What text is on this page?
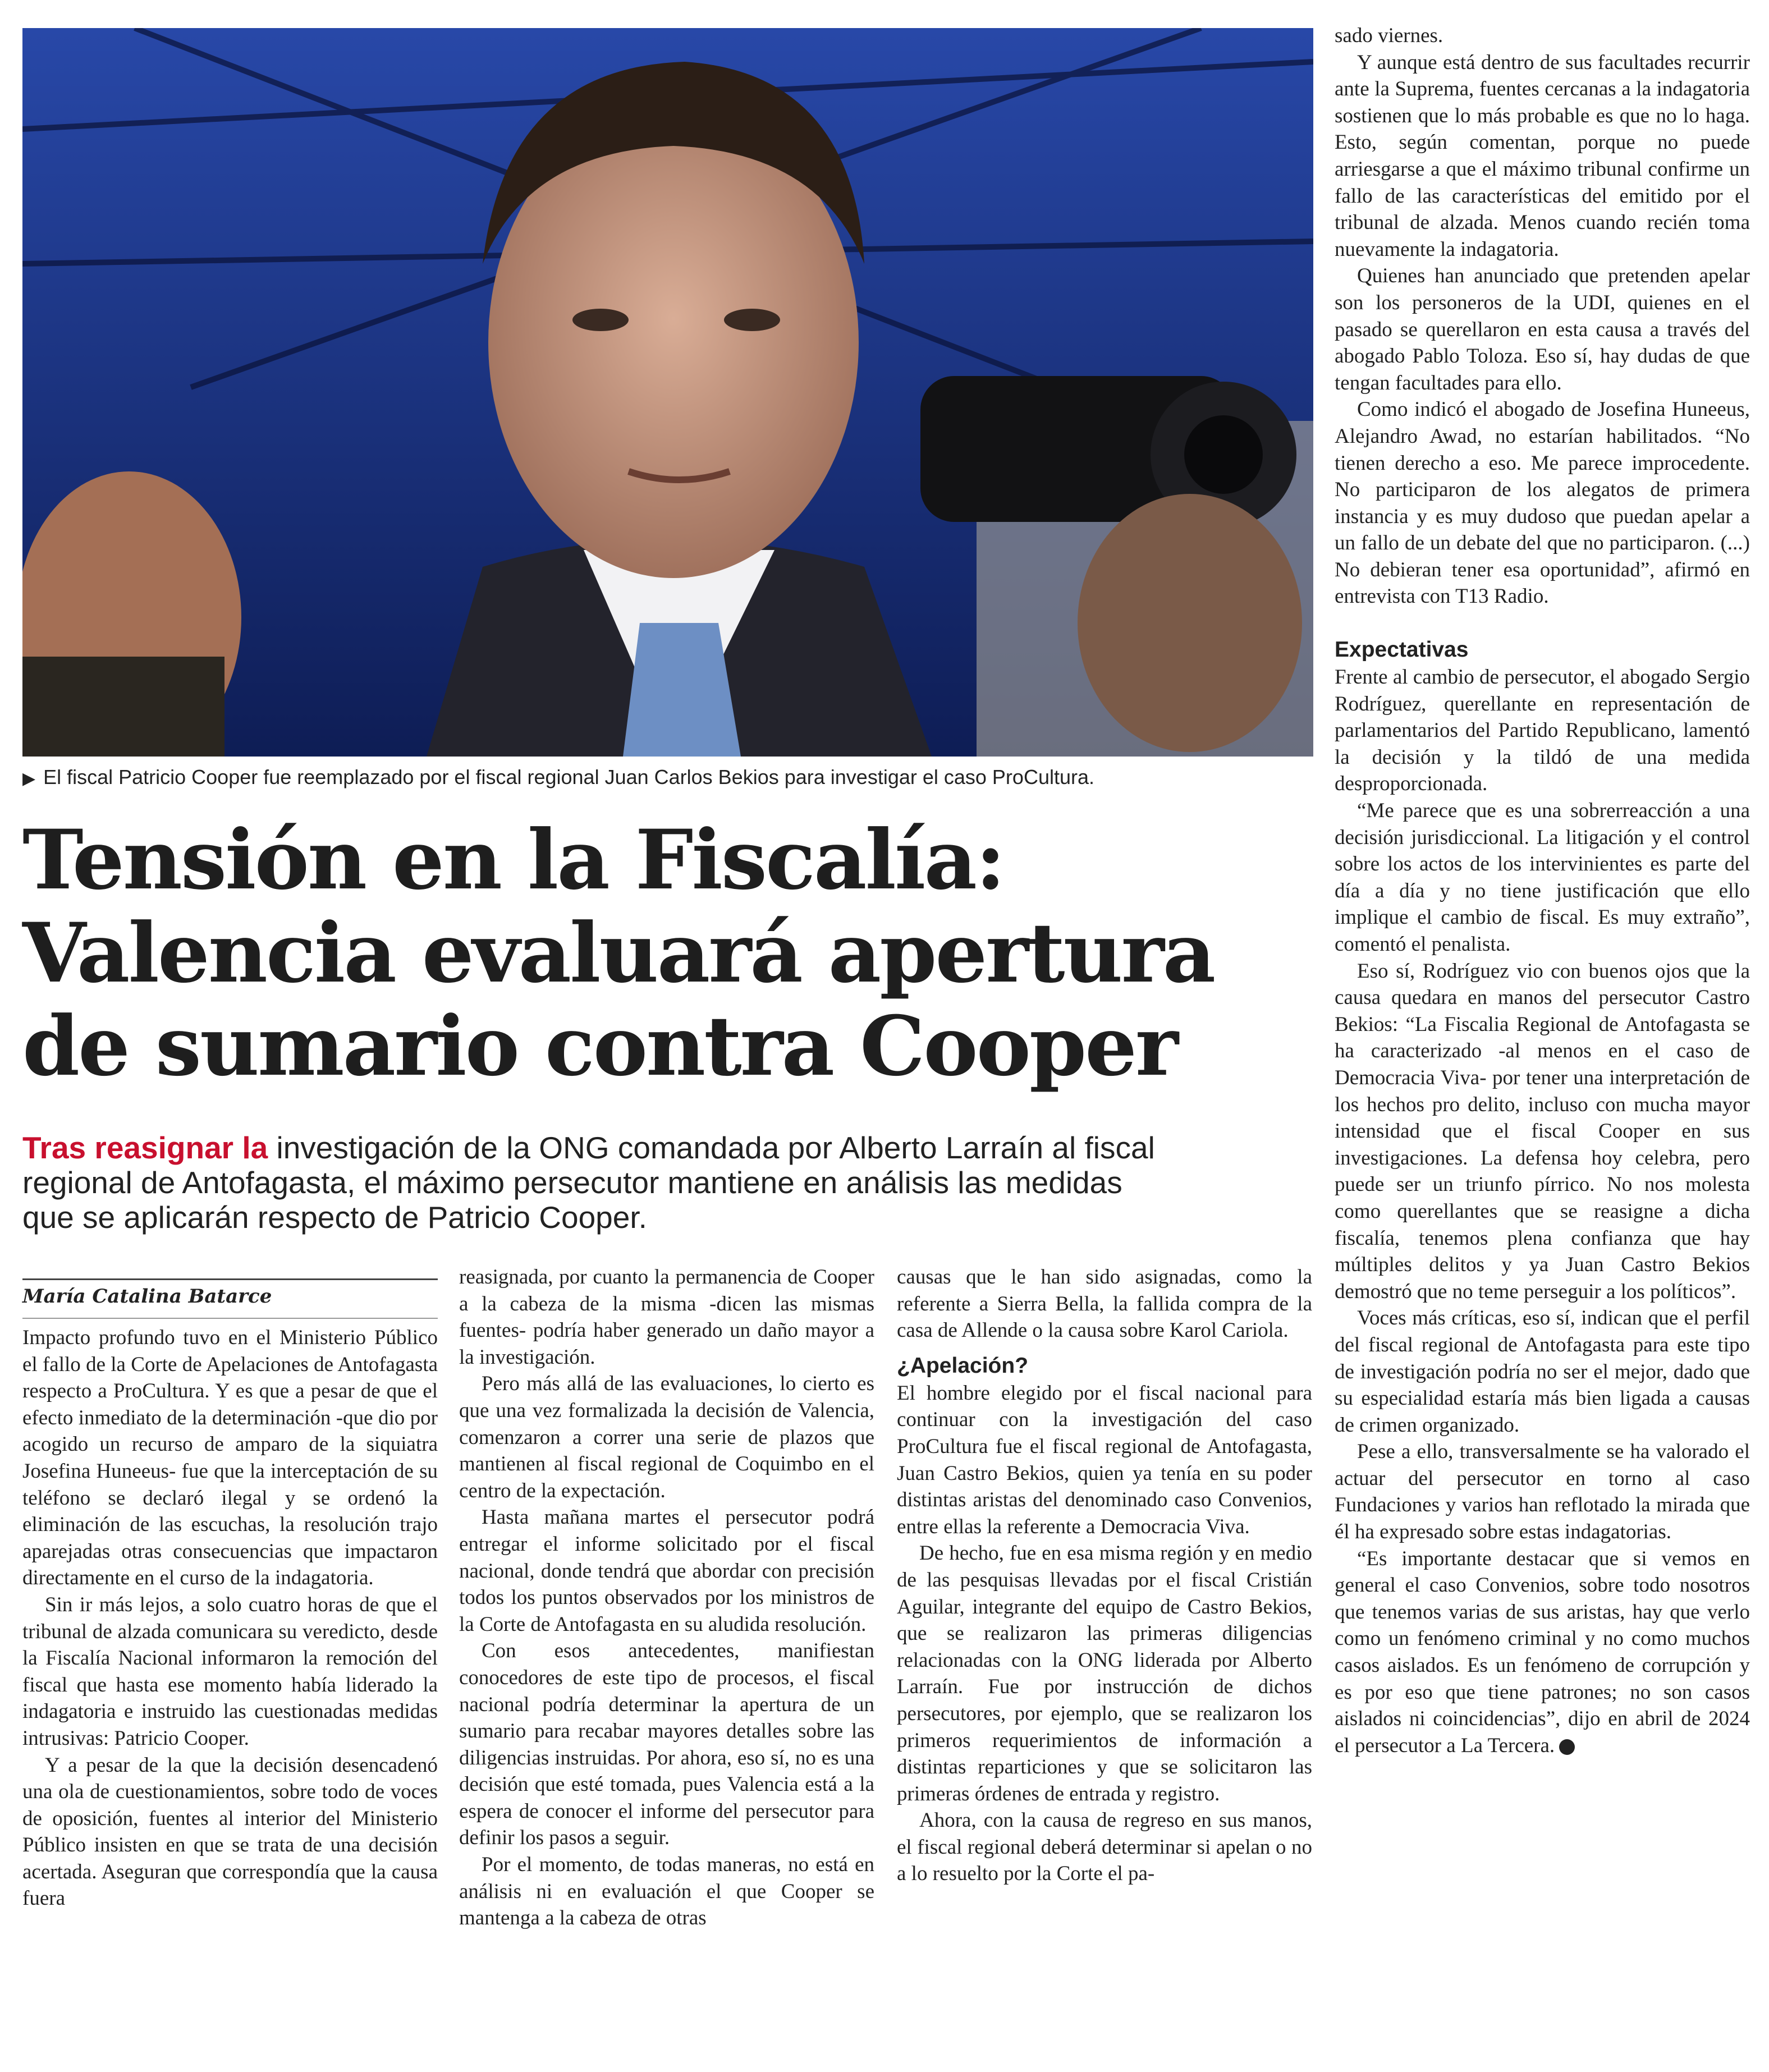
▶ El fiscal Patricio Cooper fue reemplazado por el fiscal regional Juan Carlos Bekios para investigar el caso ProCultura.
Tensión en la Fiscalía:
Valencia evaluará apertura
de sumario contra Cooper
Tras reasignar la investigación de la ONG comandada por Alberto Larraín al fiscal
regional de Antofagasta, el máximo persecutor mantiene en análisis las medidas
que se aplicarán respecto de Patricio Cooper.
María Catalina Batarce

Impacto profundo tuvo en el Ministerio Público el fallo de la Corte de Apelaciones de Antofagasta respecto a ProCultura. Y es que a pesar de que el efecto inmediato de la determinación -que dio por acogido un recurso de amparo de la siquiatra Josefina Huneeus- fue que la interceptación de su teléfono se declaró ilegal y se ordenó la eliminación de las escuchas, la resolución trajo aparejadas otras consecuencias que impactaron directamente en el curso de la indagatoria.

Sin ir más lejos, a solo cuatro horas de que el tribunal de alzada comunicara su veredicto, desde la Fiscalía Nacional informaron la remoción del fiscal que hasta ese momento había liderado la indagatoria e instruido las cuestionadas medidas intrusivas: Patricio Cooper.

Y a pesar de la que la decisión desencadenó una ola de cuestionamientos, sobre todo de voces de oposición, fuentes al interior del Ministerio Público insisten en que se trata de una decisión acertada. Aseguran que correspondía que la causa fuera

reasignada, por cuanto la permanencia de Cooper a la cabeza de la misma -dicen las mismas fuentes- podría haber generado un daño mayor a la investigación.

Pero más allá de las evaluaciones, lo cierto es que una vez formalizada la decisión de Valencia, comenzaron a correr una serie de plazos que mantienen al fiscal regional de Coquimbo en el centro de la expectación.

Hasta mañana martes el persecutor podrá entregar el informe solicitado por el fiscal nacional, donde tendrá que abordar con precisión todos los puntos observados por los ministros de la Corte de Antofagasta en su aludida resolución.

Con esos antecedentes, manifiestan conocedores de este tipo de procesos, el fiscal nacional podría determinar la apertura de un sumario para recabar mayores detalles sobre las diligencias instruidas. Por ahora, eso sí, no es una decisión que esté tomada, pues Valencia está a la espera de conocer el informe del persecutor para definir los pasos a seguir.

Por el momento, de todas maneras, no está en análisis ni en evaluación el que Cooper se mantenga a la cabeza de otras

causas que le han sido asignadas, como la referente a Sierra Bella, la fallida compra de la casa de Allende o la causa sobre Karol Cariola.

¿Apelación?

El hombre elegido por el fiscal nacional para continuar con la investigación del caso ProCultura fue el fiscal regional de Antofagasta, Juan Castro Bekios, quien ya tenía en su poder distintas aristas del denominado caso Convenios, entre ellas la referente a Democracia Viva.

De hecho, fue en esa misma región y en medio de las pesquisas llevadas por el fiscal Cristián Aguilar, integrante del equipo de Castro Bekios, que se realizaron las primeras diligencias relacionadas con la ONG liderada por Alberto Larraín. Fue por instrucción de dichos persecutores, por ejemplo, que se realizaron los primeros requerimientos de información a distintas reparticiones y que se solicitaron las primeras órdenes de entrada y registro.

Ahora, con la causa de regreso en sus manos, el fiscal regional deberá determinar si apelan o no a lo resuelto por la Corte el pa-

sado viernes.

Y aunque está dentro de sus facultades recurrir ante la Suprema, fuentes cercanas a la indagatoria sostienen que lo más probable es que no lo haga. Esto, según comentan, porque no puede arriesgarse a que el máximo tribunal confirme un fallo de las características del emitido por el tribunal de alzada. Menos cuando recién toma nuevamente la indagatoria.

Quienes han anunciado que pretenden apelar son los personeros de la UDI, quienes en el pasado se querellaron en esta causa a través del abogado Pablo Toloza. Eso sí, hay dudas de que tengan facultades para ello.

Como indicó el abogado de Josefina Huneeus, Alejandro Awad, no estarían habilitados. “No tienen derecho a eso. Me parece improcedente. No participaron de los alegatos de primera instancia y es muy dudoso que puedan apelar a un fallo de un debate del que no participaron. (...) No debieran tener esa oportunidad”, afirmó en entrevista con T13 Radio.

Expectativas

Frente al cambio de persecutor, el abogado Sergio Rodríguez, querellante en representación de parlamentarios del Partido Republicano, lamentó la decisión y la tildó de una medida desproporcionada.

“Me parece que es una sobrerreacción a una decisión jurisdiccional. La litigación y el control sobre los actos de los intervinientes es parte del día a día y no tiene justificación que ello implique el cambio de fiscal. Es muy extraño”, comentó el penalista.

Eso sí, Rodríguez vio con buenos ojos que la causa quedara en manos del persecutor Castro Bekios: “La Fiscalia Regional de Antofagasta se ha caracterizado -al menos en el caso de Democracia Viva- por tener una interpretación de los hechos pro delito, incluso con mucha mayor intensidad que el fiscal Cooper en sus investigaciones. La defensa hoy celebra, pero puede ser un triunfo pírrico. No nos molesta como querellantes que se reasigne a dicha fiscalía, tenemos plena confianza que hay múltiples delitos y ya Juan Castro Bekios demostró que no teme perseguir a los políticos”.

Voces más críticas, eso sí, indican que el perfil del fiscal regional de Antofagasta para este tipo de investigación podría no ser el mejor, dado que su especialidad estaría más bien ligada a causas de crimen organizado.

Pese a ello, transversalmente se ha valorado el actuar del persecutor en torno al caso Fundaciones y varios han reflotado la mirada que él ha expresado sobre estas indagatorias.

“Es importante destacar que si vemos en general el caso Convenios, sobre todo nosotros que tenemos varias de sus aristas, hay que verlo como un fenómeno criminal y no como muchos casos aislados. Es un fenómeno de corrupción y es por eso que tiene patrones; no son casos aislados ni coincidencias”, dijo en abril de 2024 el persecutor a La Tercera.
